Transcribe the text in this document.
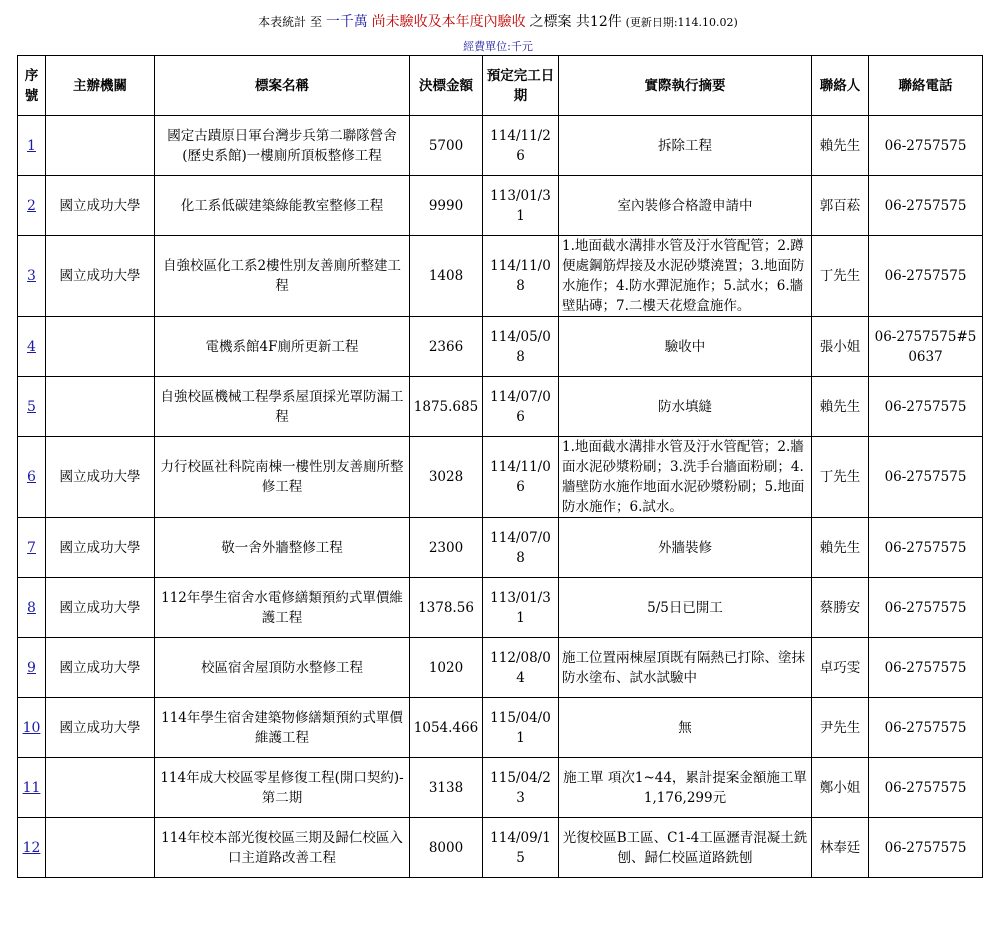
本表統計 至 一千萬 尚未驗收及本年度內驗收 之標案 共12件 (更新日期:114.10.02)
經費單位:千元
序號	主辦機關	標案名稱	決標金額	預定完工日期	實際執行摘要	聯絡人	聯絡電話
1		國定古蹟原日軍台灣步兵第二聯隊營舍(歷史系館)一樓廁所頂板整修工程	5700	114/11/26	拆除工程	賴先生	06-2757575
2	國立成功大學	化工系低碳建築綠能教室整修工程	9990	113/01/31	室內裝修合格證申請中	郭百菘	06-2757575
3	國立成功大學	自強校區化工系2樓性別友善廁所整建工程	1408	114/11/08	1.地面截水溝排水管及汙水管配管；2.蹲便處鋼筋焊接及水泥砂漿澆置；3.地面防水施作；4.防水彈泥施作；5.試水；6.牆壁貼磚；7.二樓天花燈盒施作。	丁先生	06-2757575
4		電機系館4F廁所更新工程	2366	114/05/08	驗收中	張小姐	06-2757575#50637
5		自強校區機械工程學系屋頂採光罩防漏工程	1875.685	114/07/06	防水填縫	賴先生	06-2757575
6	國立成功大學	力行校區社科院南棟一樓性別友善廁所整修工程	3028	114/11/06	1.地面截水溝排水管及汙水管配管；2.牆面水泥砂漿粉刷；3.洗手台牆面粉刷；4.牆壁防水施作地面水泥砂漿粉刷；5.地面防水施作；6.試水。	丁先生	06-2757575
7	國立成功大學	敬一舍外牆整修工程	2300	114/07/08	外牆裝修	賴先生	06-2757575
8	國立成功大學	112年學生宿舍水電修繕類預約式單價維護工程	1378.56	113/01/31	5/5日已開工	蔡勝安	06-2757575
9	國立成功大學	校區宿舍屋頂防水整修工程	1020	112/08/04	施工位置兩棟屋頂既有隔熱已打除、塗抹防水塗布、試水試驗中	卓巧雯	06-2757575
10	國立成功大學	114年學生宿舍建築物修繕類預約式單價維護工程	1054.466	115/04/01	無	尹先生	06-2757575
11		114年成大校區零星修復工程(開口契約)-第二期	3138	115/04/23	施工單 項次1~44，累計提案金額施工單1,176,299元	鄭小姐	06-2757575
12		114年校本部光復校區三期及歸仁校區入口主道路改善工程	8000	114/09/15	光復校區B工區、C1-4工區瀝青混凝土銑刨、歸仁校區道路銑刨	林奉廷	06-2757575
